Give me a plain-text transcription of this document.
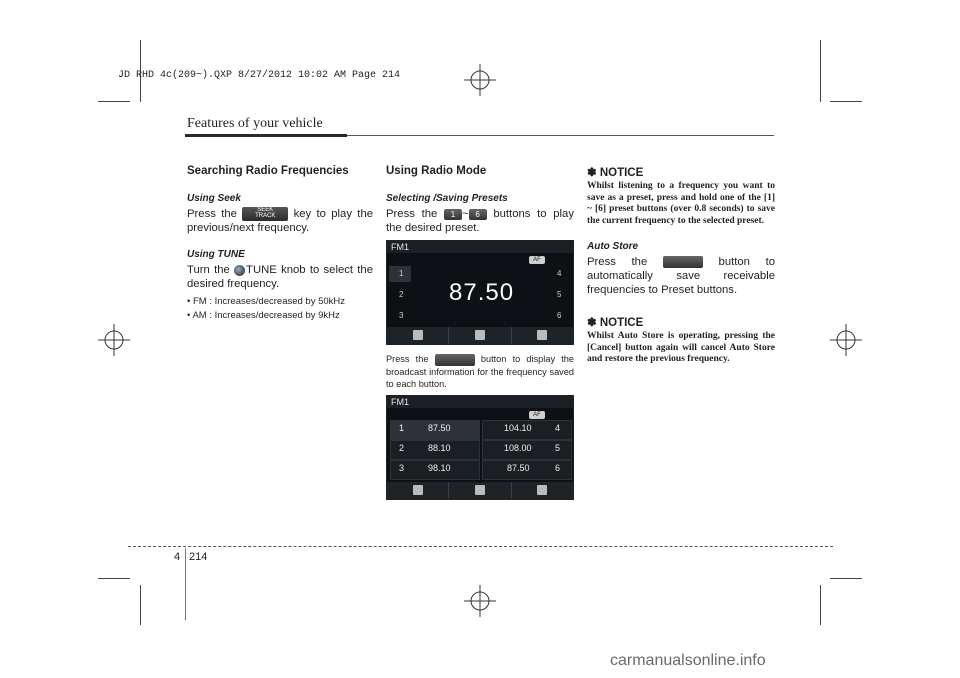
JD RHD 4c(209~).QXP 8/27/2012 10:02 AM Page 214
Features of your vehicle

Searching Radio Frequencies

Using Seek

Press the	SEEK
TRACK	key to play the previous/next frequency.

Using TUNE

Turn the TUNE knob to select the desired frequency.

• FM : Increases/decreased by 50kHz

• AM : Increases/decreased by 9kHz

Using Radio Mode

Selecting /Saving Presets

Press the 1 ~ 6 buttons to play the desired preset.

FM1
AF
1
2
3
4
5
6
87.50

Press the	button to display the broadcast information for the frequency saved to each button.

FM1
AF
1	87.50	104.10	4
2	88.10	108.00	5
3	98.10	87.50	6

✽ NOTICE

Whilst listening to a frequency you want to save as a preset, press and hold one of the [1] ~ [6] preset buttons (over 0.8 seconds) to save the current frequency to the selected preset.

Auto Store

Press the	button to automatically save receivable frequencies to Preset buttons.

✽ NOTICE

Whilst Auto Store is operating, pressing the [Cancel] button again will cancel Auto Store and restore the previous frequency.

4 214
carmanualsonline.info
